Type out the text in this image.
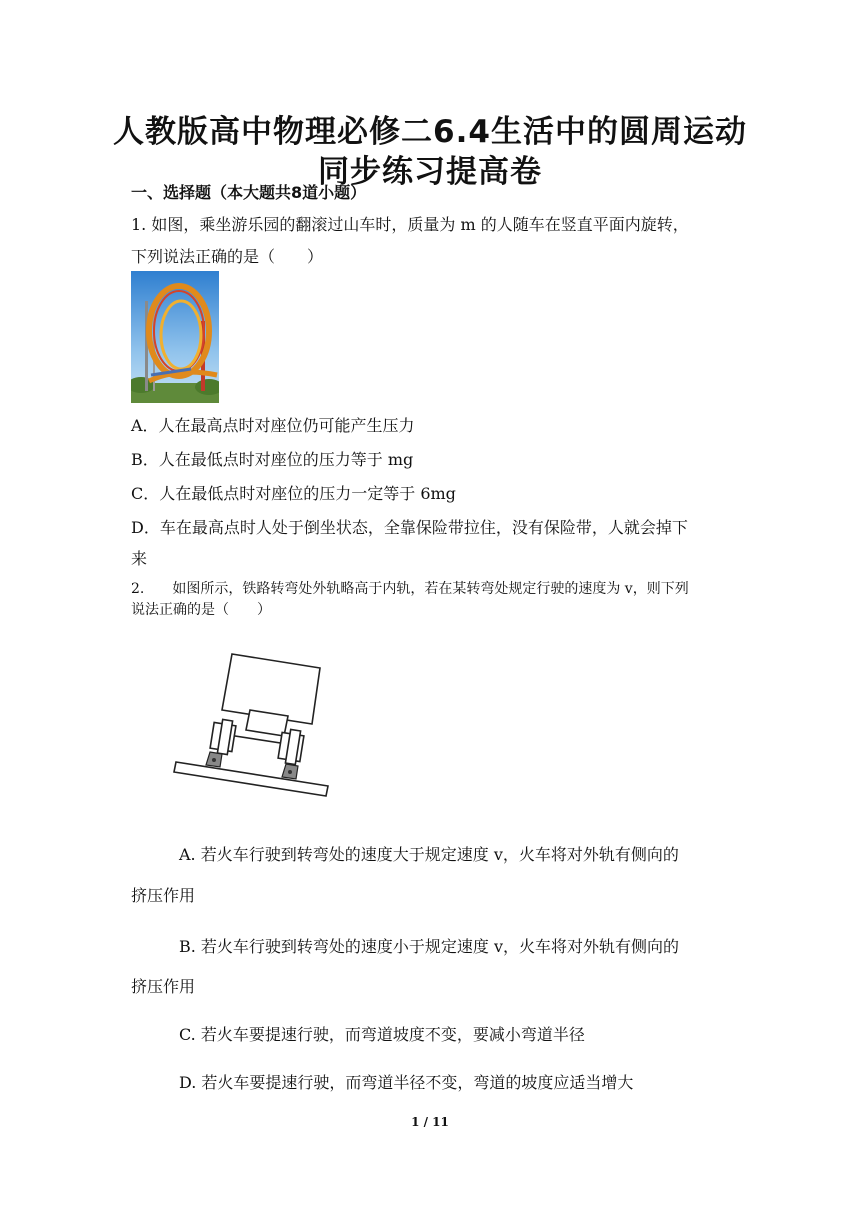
人教版高中物理必修二6.4生活中的圆周运动
同步练习提高卷
一、选择题（本大题共8道小题）
1. 如图，乘坐游乐园的翻滚过山车时，质量为 m 的人随车在竖直平面内旋转，
下列说法正确的是（　　）
A．人在最高点时对座位仍可能产生压力
B．人在最低点时对座位的压力等于 mg
C．人在最低点时对座位的压力一定等于 6mg
D．车在最高点时人处于倒坐状态，全靠保险带拉住，没有保险带，人就会掉下
来
2.　　如图所示，铁路转弯处外轨略高于内轨，若在某转弯处规定行驶的速度为 v，则下列
说法正确的是（　　）
　　　A. 若火车行驶到转弯处的速度大于规定速度 v，火车将对外轨有侧向的
挤压作用
　　　B. 若火车行驶到转弯处的速度小于规定速度 v，火车将对外轨有侧向的
挤压作用
　　　C. 若火车要提速行驶，而弯道坡度不变，要减小弯道半径
　　　D. 若火车要提速行驶，而弯道半径不变，弯道的坡度应适当增大
1 / 11
